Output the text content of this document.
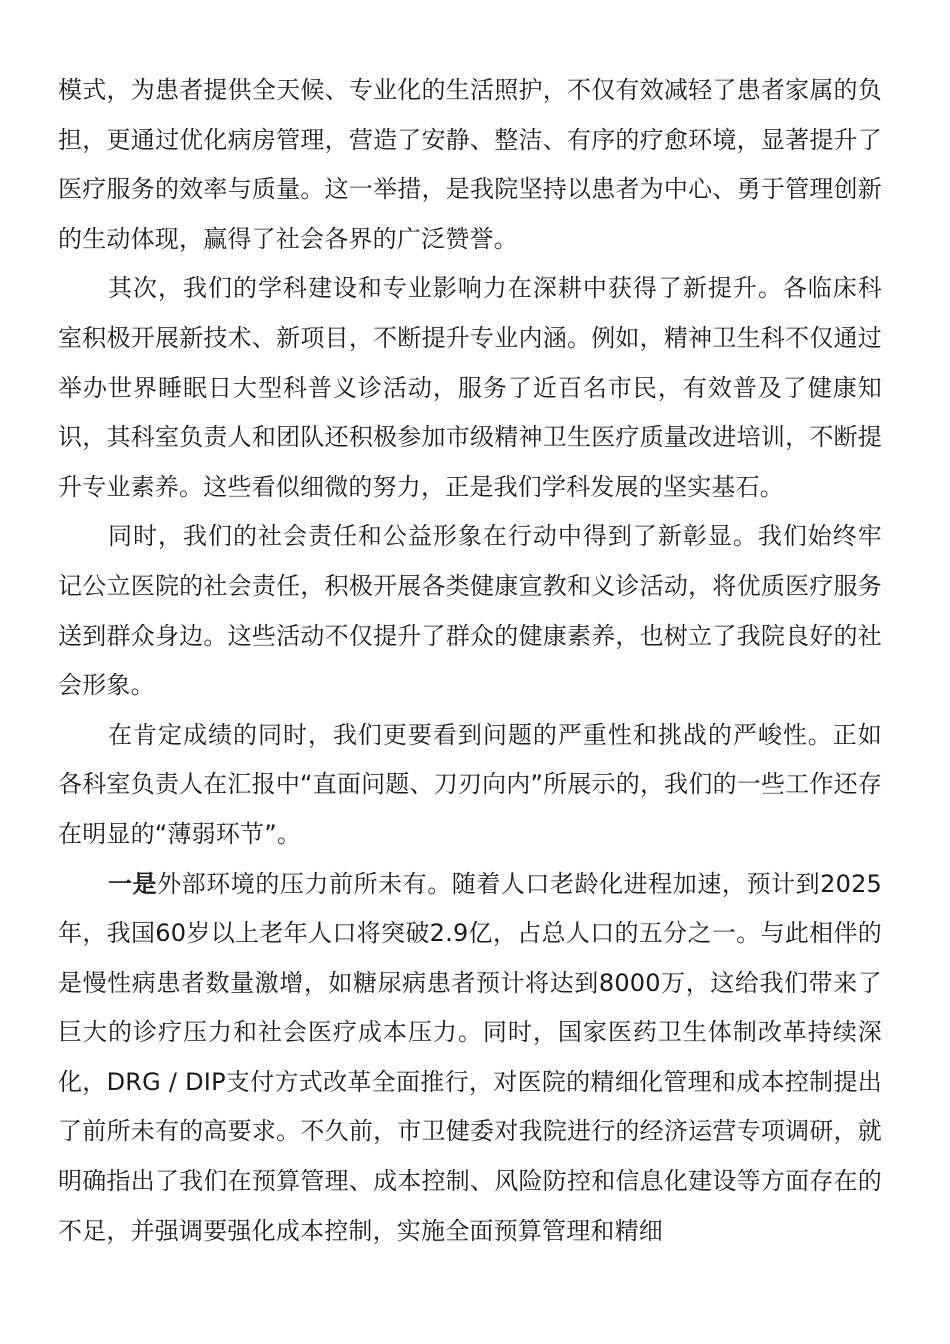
模式，为患者提供全天候、专业化的生活照护，不仅有效减轻了患者家属的负担，更通过优化病房管理，营造了安静、整洁、有序的疗愈环境，显著提升了医疗服务的效率与质量。这一举措，是我院坚持以患者为中心、勇于管理创新的生动体现，赢得了社会各界的广泛赞誉。

其次，我们的学科建设和专业影响力在深耕中获得了新提升。各临床科室积极开展新技术、新项目，不断提升专业内涵。例如，精神卫生科不仅通过举办世界睡眠日大型科普义诊活动，服务了近百名市民，有效普及了健康知识，其科室负责人和团队还积极参加市级精神卫生医疗质量改进培训，不断提升专业素养。这些看似细微的努力，正是我们学科发展的坚实基石。

同时，我们的社会责任和公益形象在行动中得到了新彰显。我们始终牢记公立医院的社会责任，积极开展各类健康宣教和义诊活动，将优质医疗服务送到群众身边。这些活动不仅提升了群众的健康素养，也树立了我院良好的社会形象。

在肯定成绩的同时，我们更要看到问题的严重性和挑战的严峻性。正如各科室负责人在汇报中“直面问题、刀刃向内”所展示的，我们的一些工作还存在明显的“薄弱环节”。

一是外部环境的压力前所未有。随着人口老龄化进程加速，预计到2025年，我国60岁以上老年人口将突破2.9亿，占总人口的五分之一。与此相伴的是慢性病患者数量激增，如糖尿病患者预计将达到8000万，这给我们带来了巨大的诊疗压力和社会医疗成本压力。同时，国家医药卫生体制改革持续深化，DRG / DIP支付方式改革全面推行，对医院的精细化管理和成本控制提出了前所未有的高要求。不久前，市卫健委对我院进行的经济运营专项调研，就明确指出了我们在预算管理、成本控制、风险防控和信息化建设等方面存在的不足，并强调要强化成本控制，实施全面预算管理和精细
